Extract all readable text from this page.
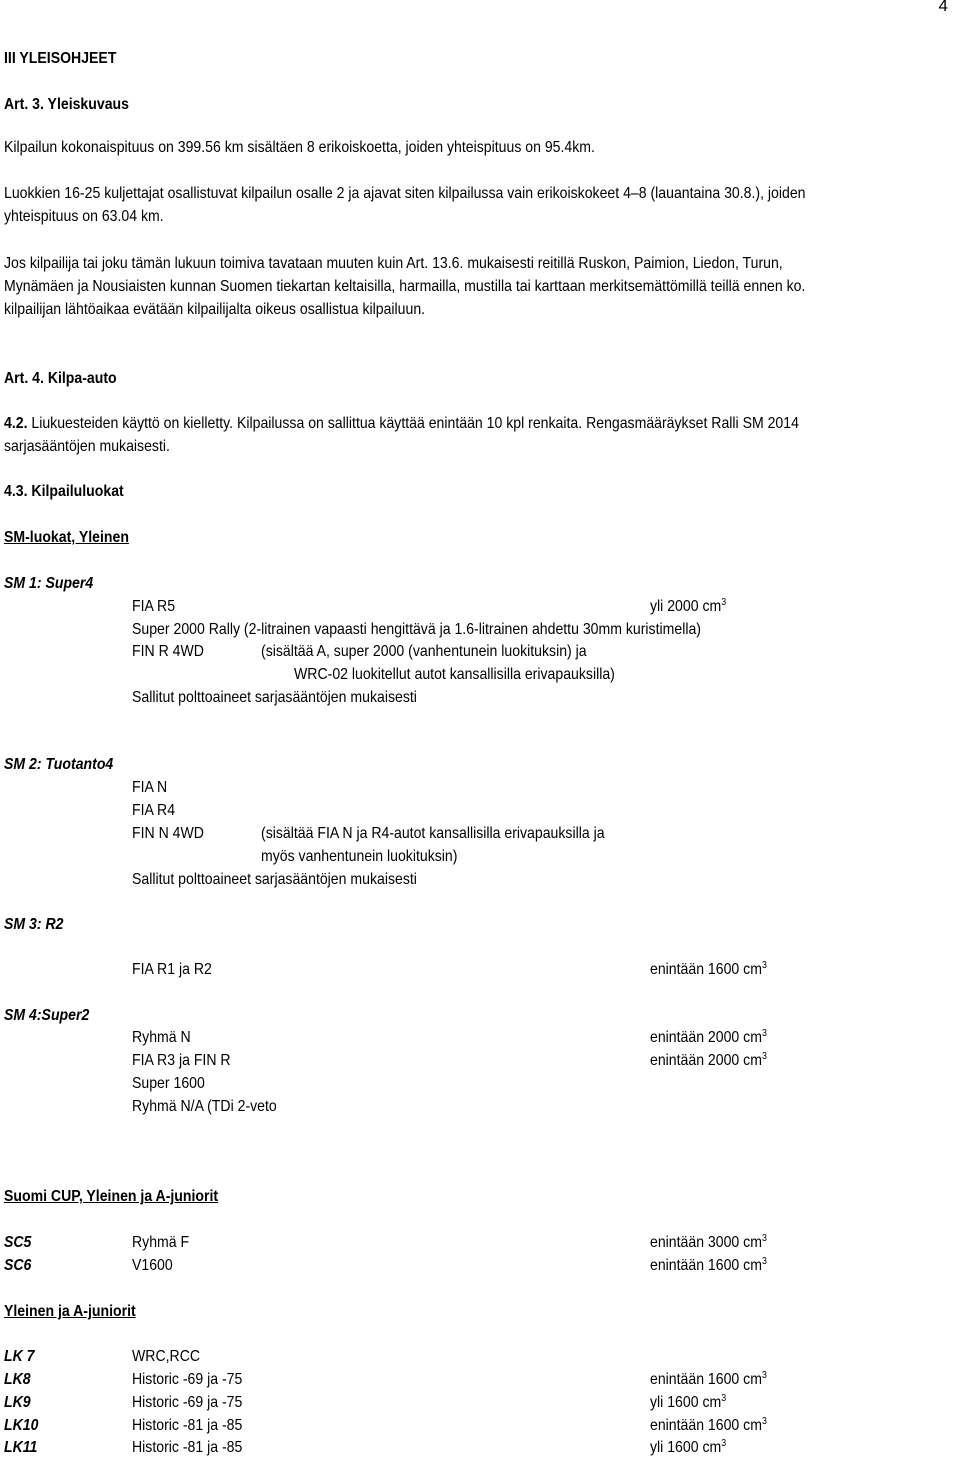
4
III YLEISOHJEET
Art. 3. Yleiskuvaus
Kilpailun kokonaispituus on 399.56 km sisältäen 8 erikoiskoetta, joiden yhteispituus on 95.4km.
Luokkien 16-25 kuljettajat osallistuvat kilpailun osalle 2 ja ajavat siten kilpailussa vain erikoiskokeet 4–8 (lauantaina 30.8.), joiden
yhteispituus on 63.04 km.
Jos kilpailija tai joku tämän lukuun toimiva tavataan muuten kuin Art. 13.6. mukaisesti reitillä Ruskon, Paimion, Liedon, Turun,
Mynämäen ja Nousiaisten kunnan Suomen tiekartan keltaisilla, harmailla, mustilla tai karttaan merkitsemättömillä teillä ennen ko.
kilpailijan lähtöaikaa evätään kilpailijalta oikeus osallistua kilpailuun.
Art. 4. Kilpa-auto
4.2. Liukuesteiden käyttö on kielletty. Kilpailussa on sallittua käyttää enintään 10 kpl renkaita. Rengasmääräykset Ralli SM 2014
sarjasääntöjen mukaisesti.
4.3. Kilpailuluokat
SM-luokat, Yleinen
SM 1: Super4
FIA R5	yli 2000 $cm^3$
Super 2000 Rally (2-litrainen vapaasti hengittävä ja 1.6-litrainen ahdettu 30mm kuristimella)
FIN R 4WD	(sisältää A, super 2000 (vanhentunein luokituksin) ja
WRC-02 luokitellut autot kansallisilla erivapauksilla)
Sallitut polttoaineet sarjasääntöjen mukaisesti
SM 2: Tuotanto4
FIA N
FIA R4
FIN N 4WD	(sisältää FIA N ja R4-autot kansallisilla erivapauksilla ja
myös vanhentunein luokituksin)
Sallitut polttoaineet sarjasääntöjen mukaisesti
SM 3: R2
FIA R1 ja R2	enintään 1600 $cm^3$
SM 4:Super2
Ryhmä N	enintään 2000 $cm^3$
FIA R3 ja FIN R	enintään 2000 $cm^3$
Super 1600
Ryhmä N/A (TDi 2-veto
Suomi CUP, Yleinen ja A-juniorit
SC5	Ryhmä F	enintään 3000 $cm^3$
SC6	V1600	enintään 1600 $cm^3$
Yleinen ja A-juniorit
LK 7	WRC,RCC
LK8	Historic -69 ja -75	enintään 1600 $cm^3$
LK9	Historic -69 ja -75	yli 1600 $cm^3$
LK10	Historic -81 ja -85	enintään 1600 $cm^3$
LK11	Historic -81 ja -85	yli 1600 $cm^3$
